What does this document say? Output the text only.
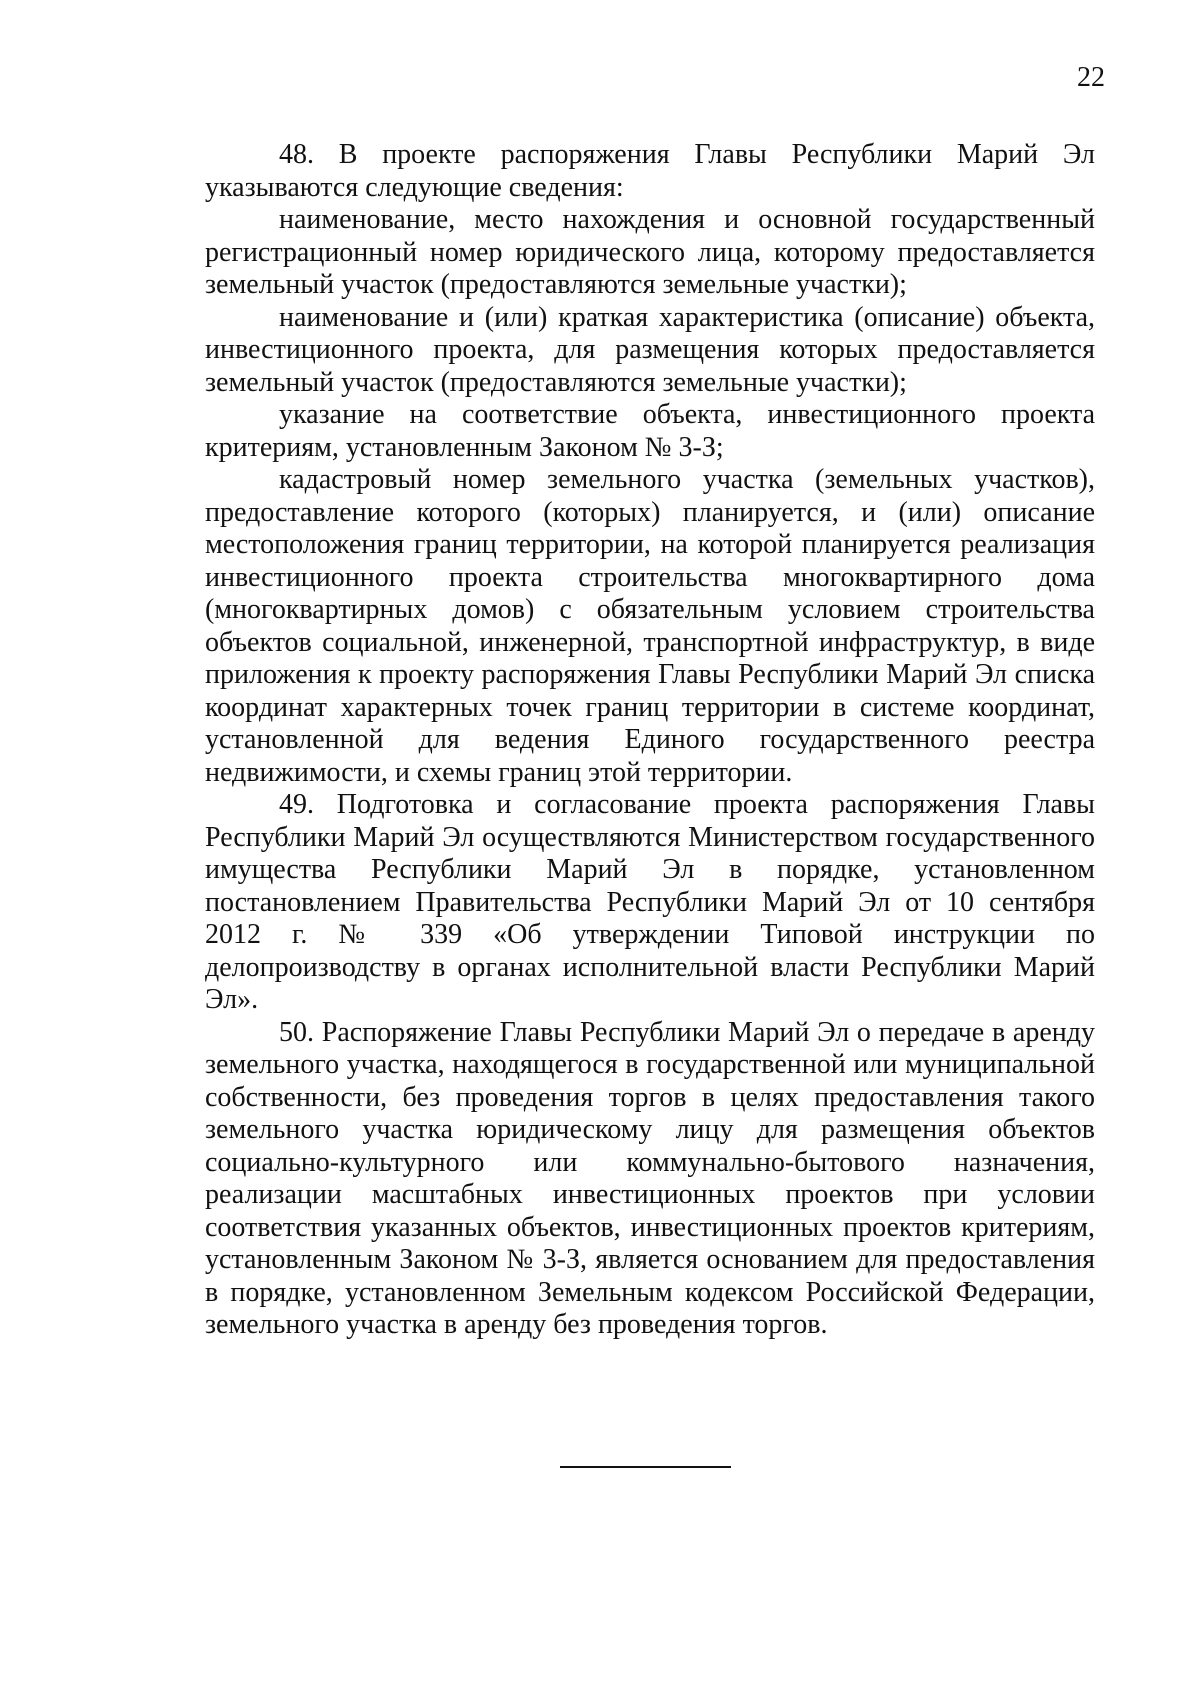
22

48. В проекте распоряжения Главы Республики Марий Эл указываются следующие сведения:

наименование, место нахождения и основной государственный регистрационный номер юридического лица, которому предоставляется земельный участок (предоставляются земельные участки);

наименование и (или) краткая характеристика (описание) объекта, инвестиционного проекта, для размещения которых предоставляется земельный участок (предоставляются земельные участки);

указание на соответствие объекта, инвестиционного проекта критериям, установленным Законом № 3-З;

кадастровый номер земельного участка (земельных участков), предоставление которого (которых) планируется, и (или) описание местоположения границ территории, на которой планируется реализация инвестиционного проекта строительства многоквартирного дома (многоквартирных домов) с обязательным условием строительства объектов социальной, инженерной, транспортной инфраструктур, в виде приложения к проекту распоряжения Главы Республики Марий Эл списка координат характерных точек границ территории в системе координат, установленной для ведения Единого государственного реестра недвижимости, и схемы границ этой территории.

49. Подготовка и согласование проекта распоряжения Главы Республики Марий Эл осуществляются Министерством государственного имущества Республики Марий Эл в порядке, установленном постановлением Правительства Республики Марий Эл от 10 сентября 2012 г. № 339 «Об утверждении Типовой инструкции по делопроизводству в органах исполнительной власти Республики Марий Эл».

50. Распоряжение Главы Республики Марий Эл о передаче в аренду земельного участка, находящегося в государственной или муниципальной собственности, без проведения торгов в целях предоставления такого земельного участка юридическому лицу для размещения объектов социально-культурного или коммунально-бытового назначения, реализации масштабных инвестиционных проектов при условии соответствия указанных объектов, инвестиционных проектов критериям, установленным Законом № 3-З, является основанием для предоставления в порядке, установленном Земельным кодексом Российской Федерации, земельного участка в аренду без проведения торгов.
